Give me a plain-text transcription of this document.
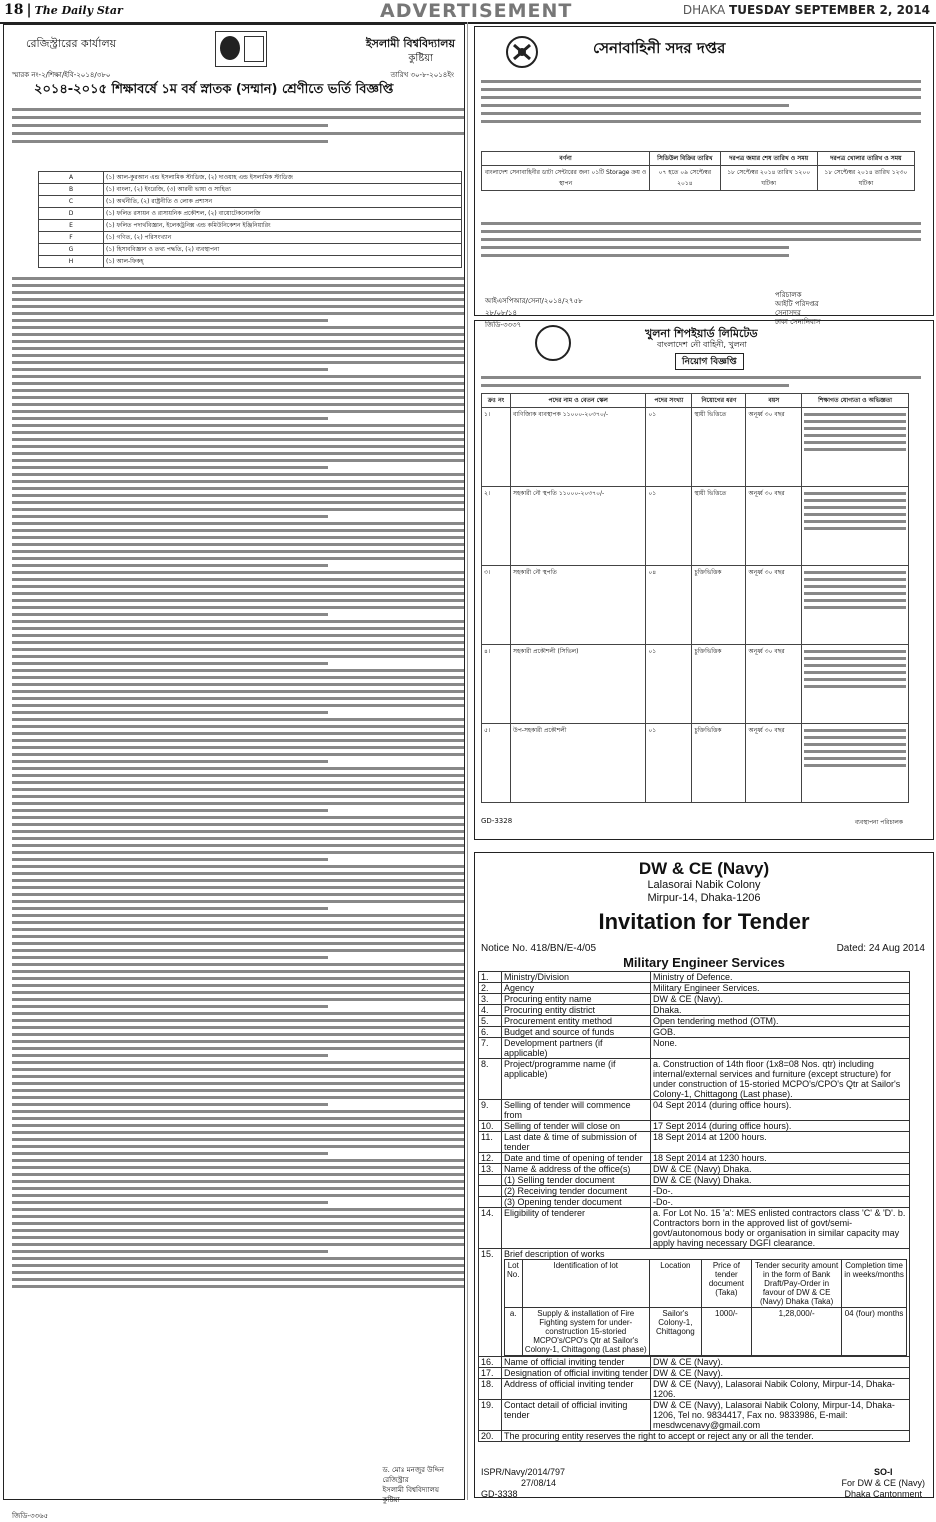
18 | The Daily Star	ADVERTISEMENT	DHAKA TUESDAY SEPTEMBER 2, 2014
রেজিস্ট্রারের কার্যালয়	ইসলামী বিশ্ববিদ্যালয়
কুষ্টিয়া
স্মারক নং-২/শিক্ষা/ইবি-২০১৪/৩৮০	তারিখ ৩০-৮-২০১৪ইং
২০১৪-২০১৫ শিক্ষাবর্ষে ১ম বর্ষ স্নাতক (সম্মান) শ্রেণীতে ভর্তি বিজ্ঞপ্তি
A	(১) আল-কুরআন এন্ড ইসলামিক স্টাডিজ, (২) দাওয়াহ এন্ড ইসলামিক স্টাডিজ
B	(১) বাংলা, (২) ইংরেজি, (৩) আরবী ভাষা ও সাহিত্য
C	(১) অর্থনীতি, (২) রাষ্ট্রনীতি ও লোক প্রশাসন
D	(১) ফলিত রসায়ন ও রাসায়নিক প্রকৌশল, (২) বায়োটেকনোলজি
E	(১) ফলিত পদার্থবিজ্ঞান, ইলেকট্রনিক্স এন্ড কমিউনিকেশন ইঞ্জিনিয়ারিং
F	(১) গণিত, (২) পরিসংখ্যান
G	(১) হিসাববিজ্ঞান ও তথ্য পদ্ধতি, (২) ব্যবস্থাপনা
H	(১) আল-ফিকহ্
ড. মোঃ মনজুর উদ্দিন
রেজিস্ট্রার
ইসলামী বিশ্ববিদ্যালয়
কুষ্টিয়া
জিডি-৩৩৬৫
সেনাবাহিনী সদর দপ্তর
বর্ণনা	সিডিউল বিক্রির তারিখ	দরপত্র জমার শেষ তারিখ ও সময়	দরপত্র খোলার তারিখ ও সময়
বাংলাদেশ সেনাবাহিনীর ডাটা সেন্টারের জন্য ০১টি Storage ক্রয় ও স্থাপন	০৭ হতে ০৯ সেপ্টেম্বর ২০১৪	১৮ সেপ্টেম্বর ২০১৪ তারিখ ১২০০ ঘটিকা	১৮ সেপ্টেম্বর ২০১৪ তারিখ ১২৩০ ঘটিকা
আইএসপিআর/সেনা/২০১৪/২৭৫৮
২৮/০৮/১৪
জিডি-৩৩৩৭
পরিচালক
আইটি পরিদপ্তর
সেনাসদর
ঢাকা সেনানিবাস
খুলনা শিপইয়ার্ড লিমিটেড
বাংলাদেশ নৌ বাহিনী, খুলনা
নিয়োগ বিজ্ঞপ্তি
ক্রঃ নং	পদের নাম ও বেতন স্কেল	পদের সংখ্যা	নিয়োগের ধরণ	বয়স	শিক্ষাগত যোগ্যতা ও অভিজ্ঞতা
১।	বাণিজ্যিক ব্যবস্থাপক ১১০০০-২০৩৭০/-	০১	স্থায়ী ভিত্তিতে	অনূর্ধ্ব ৩০ বছর	

২।	সহকারী নৌ স্থপতি ১১০০০-২০৩৭০/-	০১	স্থায়ী ভিত্তিতে	অনূর্ধ্ব ৩০ বছর	

৩।	সহকারী নৌ স্থপতি	০৪	চুক্তিভিত্তিক	অনূর্ধ্ব ৩০ বছর	

৪।	সহকারী প্রকৌশলী (সিভিল)	০১	চুক্তিভিত্তিক	অনূর্ধ্ব ৩০ বছর	

৫।	উপ-সহকারী প্রকৌশলী	০১	চুক্তিভিত্তিক	অনূর্ধ্ব ৩০ বছর	
GD-3328	ব্যবস্থাপনা পরিচালক
DW & CE (Navy)
Lalasorai Nabik Colony
Mirpur-14, Dhaka-1206
Invitation for Tender
Notice No. 418/BN/E-4/05	Dated: 24 Aug 2014
Military Engineer Services
1.	Ministry/Division	Ministry of Defence.
2.	Agency	Military Engineer Services.
3.	Procuring entity name	DW & CE (Navy).
4.	Procuring entity district	Dhaka.
5.	Procurement entity method	Open tendering method (OTM).
6.	Budget and source of funds	GOB.
7.	Development partners (if applicable)	None.
8.	Project/programme name (if applicable)	a. Construction of 14th floor (1x8=08 Nos. qtr) including internal/external services and furniture (except structure) for under construction of 15-storied MCPO's/CPO's Qtr at Sailor's Colony-1, Chittagong (Last phase).
9.	Selling of tender will commence from	04 Sept 2014 (during office hours).
10.	Selling of tender will close on	17 Sept 2014 (during office hours).
11.	Last date & time of submission of tender	18 Sept 2014 at 1200 hours.
12.	Date and time of opening of tender	18 Sept 2014 at 1230 hours.
13.	Name & address of the office(s)	DW & CE (Navy) Dhaka.
	(1) Selling tender document	DW & CE (Navy) Dhaka.
	(2) Receiving tender document	-Do-.
	(3) Opening tender document	-Do-.
14.	Eligibility of tenderer	a. For Lot No. 15 'a': MES enlisted contractors class 'C' & 'D'. b. Contractors born in the approved list of govt/semi-govt/autonomous body or organisation in similar capacity may apply having necessary DGFI clearance.
15.	Brief description of works
Lot No.	Identification of lot	Location	Price of tender document (Taka)	Tender security amount in the form of Bank Draft/Pay-Order in favour of DW & CE (Navy) Dhaka (Taka)	Completion time in weeks/months
a.	Supply & installation of Fire Fighting system for under-construction 15-storied MCPO's/CPO's Qtr at Sailor's Colony-1, Chittagong (Last phase)	Sailor's Colony-1, Chittagong	1000/-	1,28,000/-	04 (four) months

16.	Name of official inviting tender	DW & CE (Navy).
17.	Designation of official inviting tender	DW & CE (Navy).
18.	Address of official inviting tender	DW & CE (Navy), Lalasorai Nabik Colony, Mirpur-14, Dhaka-1206.
19.	Contact detail of official inviting tender	DW & CE (Navy), Lalasorai Nabik Colony, Mirpur-14, Dhaka-1206, Tel no. 9834417, Fax no. 9833986, E-mail: mesdwcenavy@gmail.com
20.	The procuring entity reserves the right to accept or reject any or all the tender.
ISPR/Navy/2014/797
27/08/14
GD-3338
SO-I
For DW & CE (Navy)
Dhaka Cantonment
